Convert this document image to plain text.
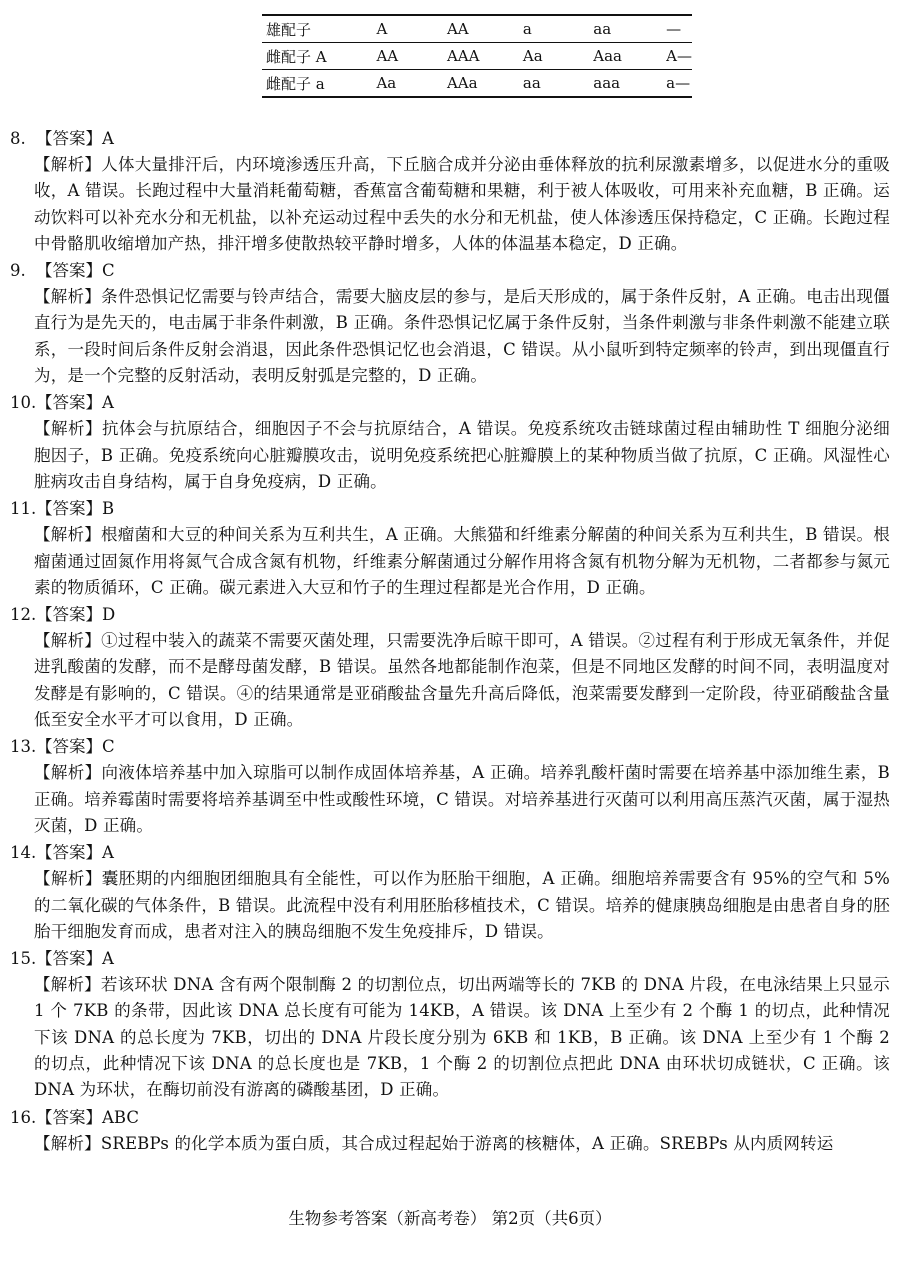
雄配子	A	AA	a	aa	—
雌配子 A	AA	AAA	Aa	Aaa	A—
雌配子 a	Aa	AAa	aa	aaa	a—
8. 【答案】A
【解析】人体大量排汗后，内环境渗透压升高，下丘脑合成并分泌由垂体释放的抗利尿激素增多，以促进水分的重吸收，A 错误。长跑过程中大量消耗葡萄糖，香蕉富含葡萄糖和果糖，利于被人体吸收，可用来补充血糖，B 正确。运动饮料可以补充水分和无机盐，以补充运动过程中丢失的水分和无机盐，使人体渗透压保持稳定，C 正确。长跑过程中骨骼肌收缩增加产热，排汗增多使散热较平静时增多，人体的体温基本稳定，D 正确。
9. 【答案】C
【解析】条件恐惧记忆需要与铃声结合，需要大脑皮层的参与，是后天形成的，属于条件反射，A 正确。电击出现僵直行为是先天的，电击属于非条件刺激，B 正确。条件恐惧记忆属于条件反射，当条件刺激与非条件刺激不能建立联系，一段时间后条件反射会消退，因此条件恐惧记忆也会消退，C 错误。从小鼠听到特定频率的铃声，到出现僵直行为，是一个完整的反射活动，表明反射弧是完整的，D 正确。
10.【答案】A
【解析】抗体会与抗原结合，细胞因子不会与抗原结合，A 错误。免疫系统攻击链球菌过程由辅助性 T 细胞分泌细胞因子，B 正确。免疫系统向心脏瓣膜攻击，说明免疫系统把心脏瓣膜上的某种物质当做了抗原，C 正确。风湿性心脏病攻击自身结构，属于自身免疫病，D 正确。
11.【答案】B
【解析】根瘤菌和大豆的种间关系为互利共生，A 正确。大熊猫和纤维素分解菌的种间关系为互利共生，B 错误。根瘤菌通过固氮作用将氮气合成含氮有机物，纤维素分解菌通过分解作用将含氮有机物分解为无机物，二者都参与氮元素的物质循环，C 正确。碳元素进入大豆和竹子的生理过程都是光合作用，D 正确。
12.【答案】D
【解析】①过程中装入的蔬菜不需要灭菌处理，只需要洗净后晾干即可，A 错误。②过程有利于形成无氧条件，并促进乳酸菌的发酵，而不是酵母菌发酵，B 错误。虽然各地都能制作泡菜，但是不同地区发酵的时间不同，表明温度对发酵是有影响的，C 错误。④的结果通常是亚硝酸盐含量先升高后降低，泡菜需要发酵到一定阶段，待亚硝酸盐含量低至安全水平才可以食用，D 正确。
13.【答案】C
【解析】向液体培养基中加入琼脂可以制作成固体培养基，A 正确。培养乳酸杆菌时需要在培养基中添加维生素，B 正确。培养霉菌时需要将培养基调至中性或酸性环境，C 错误。对培养基进行灭菌可以利用高压蒸汽灭菌，属于湿热灭菌，D 正确。
14.【答案】A
【解析】囊胚期的内细胞团细胞具有全能性，可以作为胚胎干细胞，A 正确。细胞培养需要含有 95%的空气和 5%的二氧化碳的气体条件，B 错误。此流程中没有利用胚胎移植技术，C 错误。培养的健康胰岛细胞是由患者自身的胚胎干细胞发育而成，患者对注入的胰岛细胞不发生免疫排斥，D 错误。
15.【答案】A
【解析】若该环状 DNA 含有两个限制酶 2 的切割位点，切出两端等长的 7KB 的 DNA 片段，在电泳结果上只显示 1 个 7KB 的条带，因此该 DNA 总长度有可能为 14KB，A 错误。该 DNA 上至少有 2 个酶 1 的切点，此种情况下该 DNA 的总长度为 7KB，切出的 DNA 片段长度分别为 6KB 和 1KB，B 正确。该 DNA 上至少有 1 个酶 2 的切点，此种情况下该 DNA 的总长度也是 7KB，1 个酶 2 的切割位点把此 DNA 由环状切成链状，C 正确。该 DNA 为环状，在酶切前没有游离的磷酸基团，D 正确。
16.【答案】ABC
【解析】SREBPs 的化学本质为蛋白质，其合成过程起始于游离的核糖体，A 正确。SREBPs 从内质网转运
生物参考答案（新高考卷） 第2页（共6页）
